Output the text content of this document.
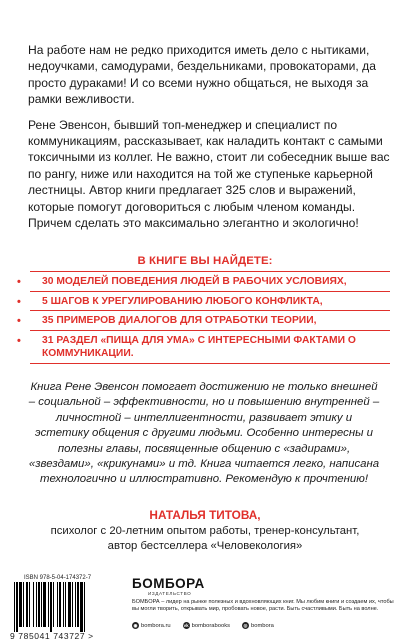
На работе нам не редко приходится иметь дело с нытиками, недоучками, самодурами, бездельниками, провокаторами, да просто дураками! И со всеми нужно общаться, не выходя за рамки вежливости.

Рене Эвенсон, бывший топ-менеджер и специалист по коммуникациям, рассказывает, как наладить контакт с самыми токсичными из коллег. Не важно, стоит ли собеседник выше вас по рангу, ниже или находится на той же ступеньке карьерной лестницы. Автор книги предлагает 325 слов и выражений, которые помогут договориться с любым членом команды. Причем сделать это максимально элегантно и экологично!

В КНИГЕ ВЫ НАЙДЕТЕ:
•	30 МОДЕЛЕЙ ПОВЕДЕНИЯ ЛЮДЕЙ В РАБОЧИХ УСЛОВИЯХ,
•	5 ШАГОВ К УРЕГУЛИРОВАНИЮ ЛЮБОГО КОНФЛИКТА,
•	35 ПРИМЕРОВ ДИАЛОГОВ ДЛЯ ОТРАБОТКИ ТЕОРИИ,
•	31 РАЗДЕЛ «ПИЩА ДЛЯ УМА» С ИНТЕРЕСНЫМИ ФАКТАМИ О КОММУНИКАЦИИ.
Книга Рене Эвенсон помогает достижению не только внешней – социальной – эффективности, но и повышению внутренней – личностной – интеллигентности, развивает этику и эстетику общения с другими людьми. Особенно интересны и полезны главы, посвященные общению с «задирами», «звездами», «крикунами» и тд. Книга читается легко, написана технологично и иллюстративно. Рекомендую к прочтению!
НАТАЛЬЯ ТИТОВА,
психолог с 20-летним опытом работы, тренер-консультант,
автор бестселлера «Человекология»
ISBN 978-5-04-174372-7
9 785041 743727 >
БОМБОРА
ИЗДАТЕЛЬСТВО
БОМБОРА – лидер на рынке полезных и вдохновляющих книг. Мы любим книги и создаем их, чтобы вы могли творить, открывать мир, пробовать новое, расти. Быть счастливыми. Быть на волне.
◉ bombora.ru	vk bomborabooks	◎ bombora
